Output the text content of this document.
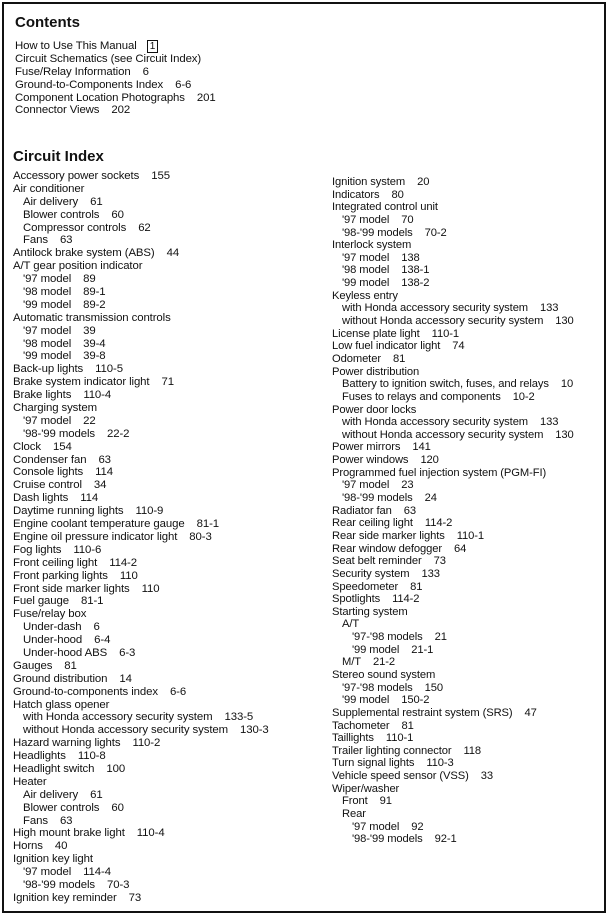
Contents
How to Use This Manual 1
Circuit Schematics (see Circuit Index)
Fuse/Relay Information 6
Ground-to-Components Index 6-6
Component Location Photographs 201
Connector Views 202
Circuit Index
Accessory power sockets 155
Air conditioner
Air delivery 61
Blower controls 60
Compressor controls 62
Fans 63
Antilock brake system (ABS) 44
A/T gear position indicator
'97 model 89
'98 model 89-1
'99 model 89-2
Automatic transmission controls
'97 model 39
'98 model 39-4
'99 model 39-8
Back-up lights 110-5
Brake system indicator light 71
Brake lights 110-4
Charging system
'97 model 22
'98-'99 models 22-2
Clock 154
Condenser fan 63
Console lights 114
Cruise control 34
Dash lights 114
Daytime running lights 110-9
Engine coolant temperature gauge 81-1
Engine oil pressure indicator light 80-3
Fog lights 110-6
Front ceiling light 114-2
Front parking lights 110
Front side marker lights 110
Fuel gauge 81-1
Fuse/relay box
Under-dash 6
Under-hood 6-4
Under-hood ABS 6-3
Gauges 81
Ground distribution 14
Ground-to-components index 6-6
Hatch glass opener
with Honda accessory security system 133-5
without Honda accessory security system 130-3
Hazard warning lights 110-2
Headlights 110-8
Headlight switch 100
Heater
Air delivery 61
Blower controls 60
Fans 63
High mount brake light 110-4
Horns 40
Ignition key light
'97 model 114-4
'98-'99 models 70-3
Ignition key reminder 73
Ignition system 20
Indicators 80
Integrated control unit
'97 model 70
'98-'99 models 70-2
Interlock system
'97 model 138
'98 model 138-1
'99 model 138-2
Keyless entry
with Honda accessory security system 133
without Honda accessory security system 130
License plate light 110-1
Low fuel indicator light 74
Odometer 81
Power distribution
Battery to ignition switch, fuses, and relays 10
Fuses to relays and components 10-2
Power door locks
with Honda accessory security system 133
without Honda accessory security system 130
Power mirrors 141
Power windows 120
Programmed fuel injection system (PGM-FI)
'97 model 23
'98-'99 models 24
Radiator fan 63
Rear ceiling light 114-2
Rear side marker lights 110-1
Rear window defogger 64
Seat belt reminder 73
Security system 133
Speedometer 81
Spotlights 114-2
Starting system
A/T
'97-'98 models 21
'99 model 21-1
M/T 21-2
Stereo sound system
'97-'98 models 150
'99 model 150-2
Supplemental restraint system (SRS) 47
Tachometer 81
Taillights 110-1
Trailer lighting connector 118
Turn signal lights 110-3
Vehicle speed sensor (VSS) 33
Wiper/washer
Front 91
Rear
'97 model 92
'98-'99 models 92-1
